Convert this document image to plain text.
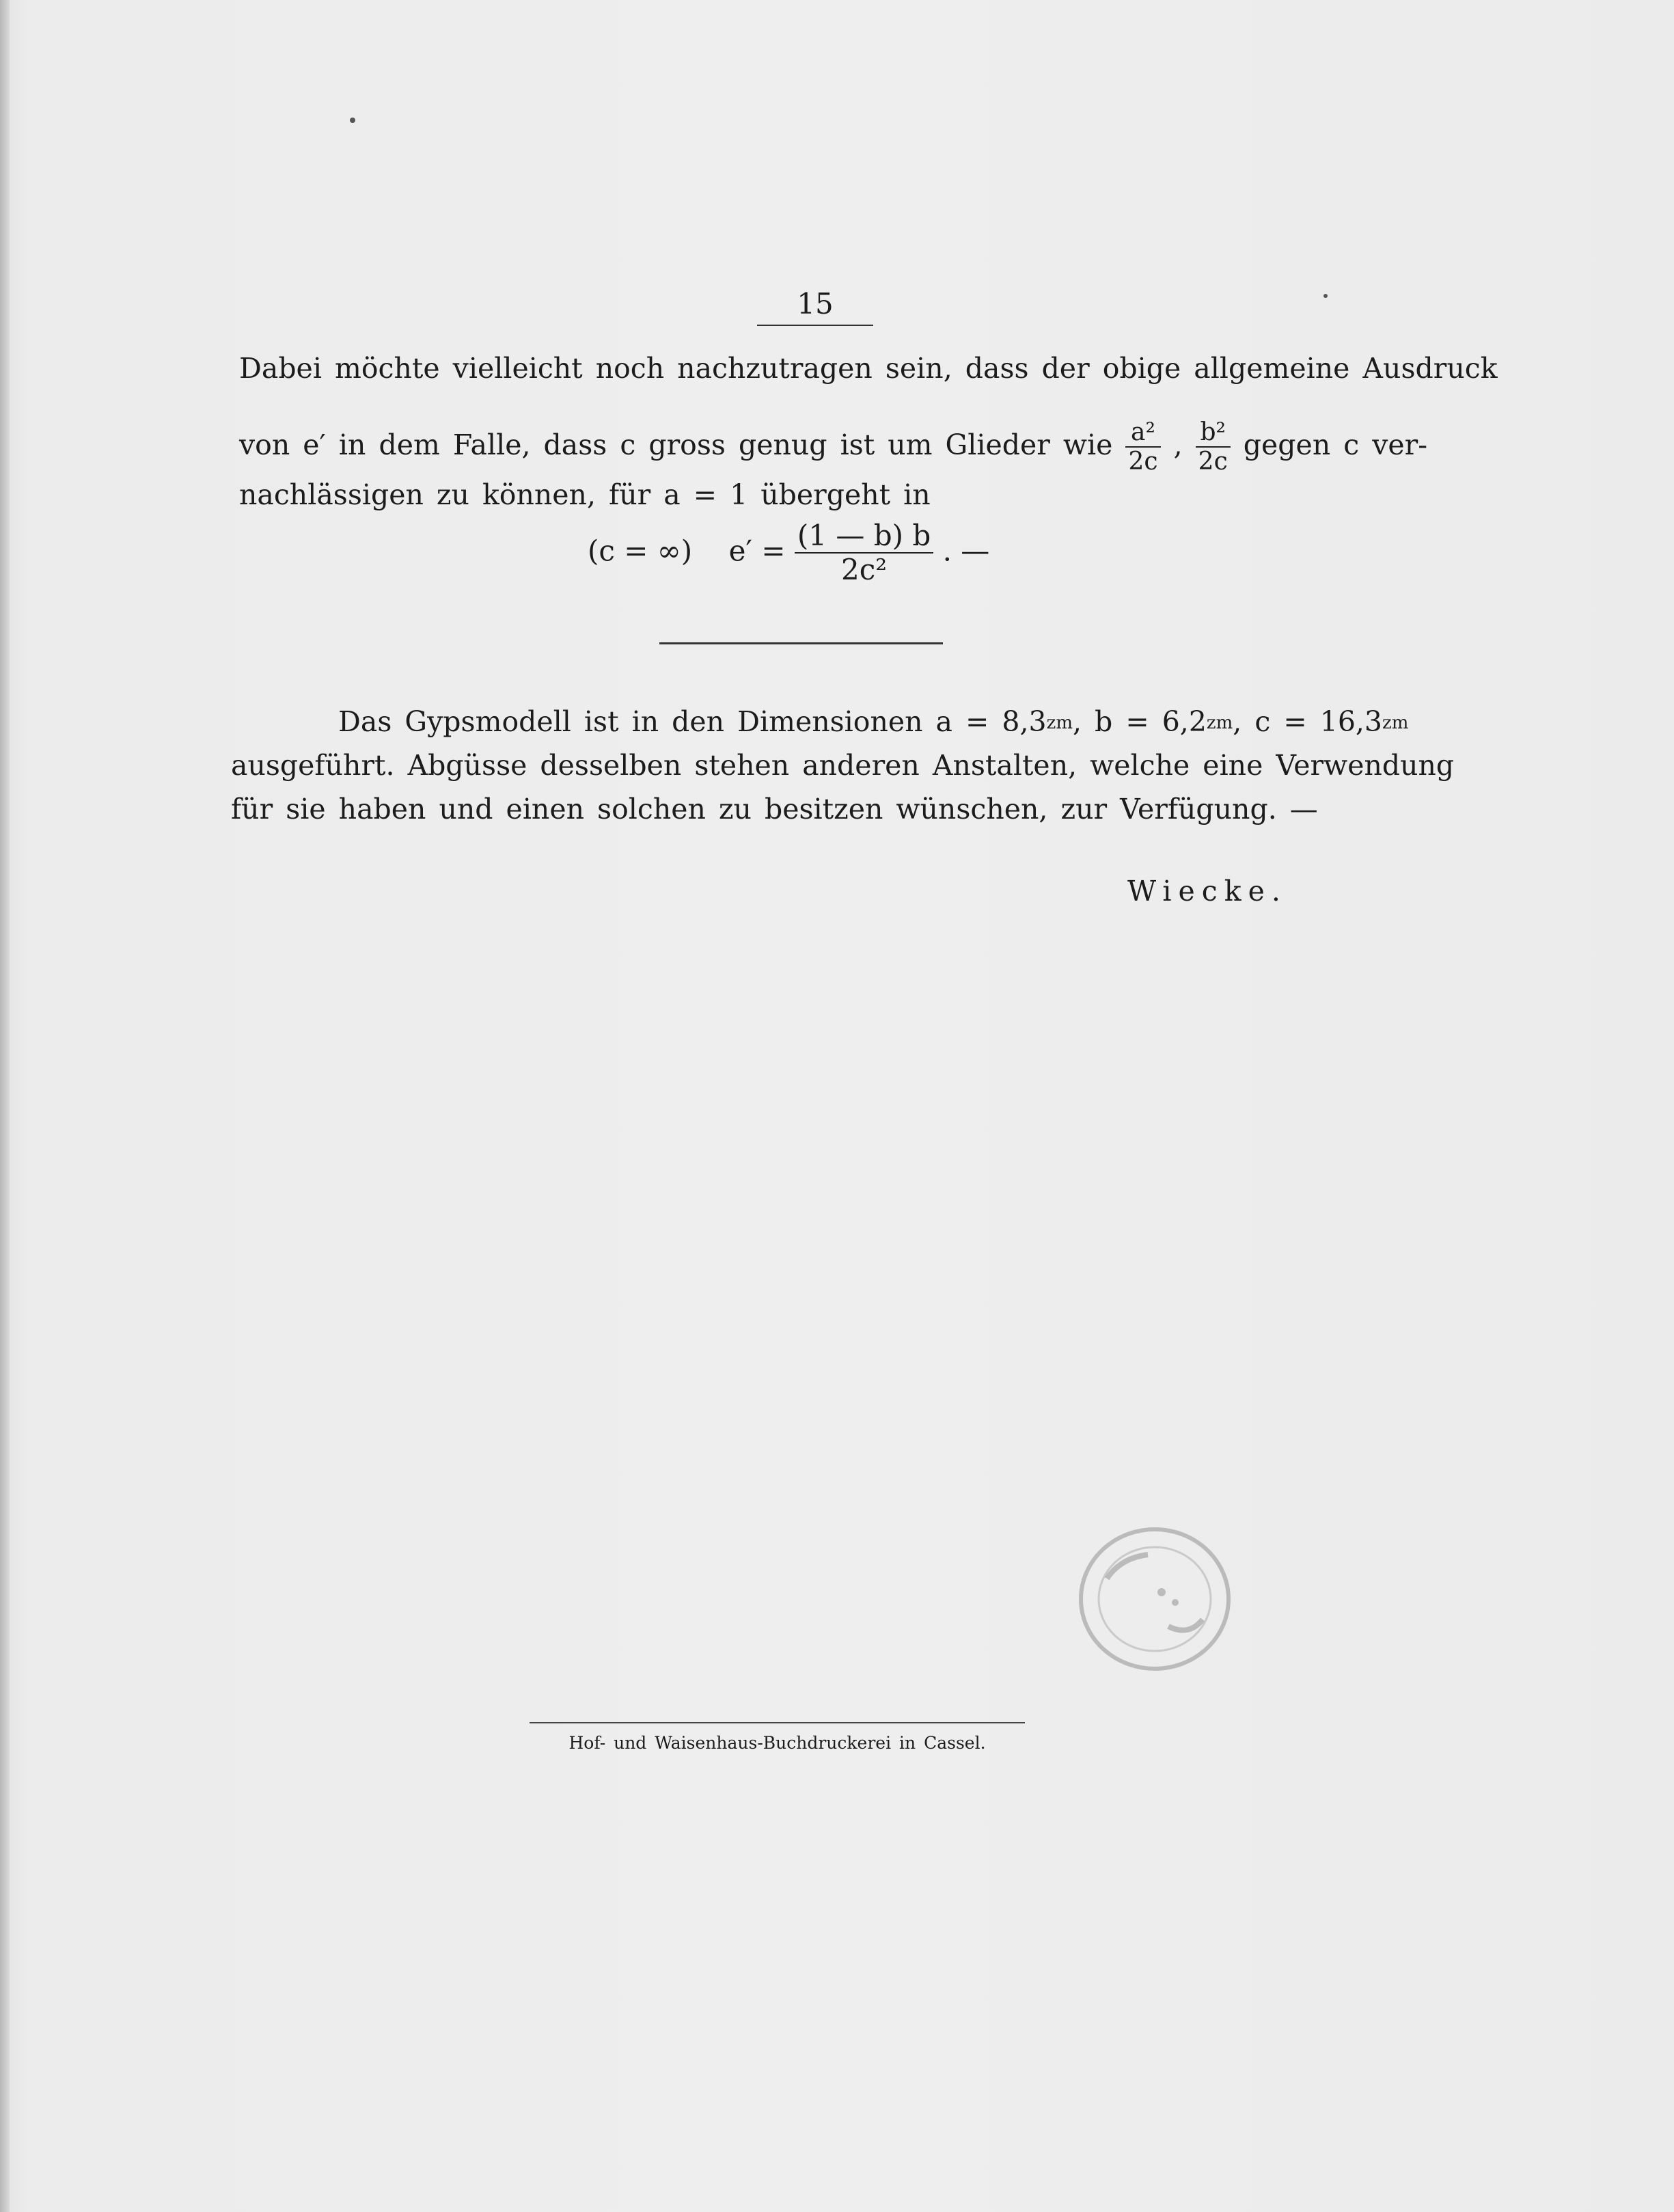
15
Dabei möchte vielleicht noch nachzutragen sein, dass der obige allgemeine Ausdruck
von e′ in dem Falle, dass c gross genug ist um Glieder wie $\frac{\text{a²}}{2c}$ , $\frac{\text{b²}}{2c}$ gegen c ver-
nachlässigen zu können, für a = 1 übergeht in
(c = ∞) $e' = \frac{(1 — b) b}{\text{2c²}}$ . —
Das Gypsmodell ist in den Dimensionen a = 8,3zm, b = 6,2zm, c = 16,3zm
ausgeführt. Abgüsse desselben stehen anderen Anstalten, welche eine Verwendung
für sie haben und einen solchen zu besitzen wünschen, zur Verfügung. —
Wiecke.
Hof- und Waisenhaus-Buchdruckerei in Cassel.
